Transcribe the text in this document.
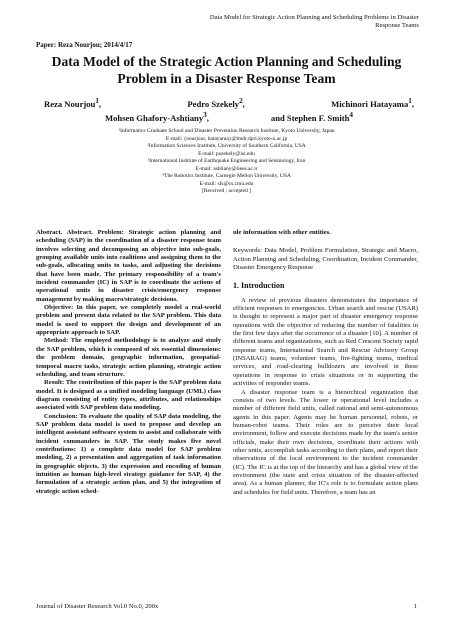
Data Model for Strategic Action Planning and Scheduling Problems in Disaster
Response Teams
Paper: Reza Nourjou; 2014/4/17
Data Model of the Strategic Action Planning and Scheduling
Problem in a Disaster Response Team
Reza Nourjou$^1$,	Pedro Szekely$^2$,	Michinori Hatayama$^1$,
Mohsen Ghafory-Ashtiany$^3$,	and Stephen F. Smith$^4$
¹Informatics Graduate School and Disaster Prevention Research Institute, Kyoto University, Japan
E-mail: {nourjour, hatayama}@imdr.dpri.kyoto-u.ac.jp
²Information Sciences Institute, University of Southern California, USA
E-mail: pszekely@isi.edu
³International Institute of Earthquake Engineering and Seismology, Iran
E-mail: ashtiany@iiees.ac.ir
⁴The Robotics Institute, Carnegie Mellon University, USA
E-mail: sfs@cs.cmu.edu
[Received ; accepted ]

Abstract. Abstract. Problem: Strategic action planning and scheduling (SAP) in the coordination of a disaster response team involves selecting and decomposing an objective into sub-goals, grouping available units into coalitions and assigning them to the sub-goals, allocating units to tasks, and adjusting the decisions that have been made. The primary responsibility of a team's incident commander (IC) in SAP is to coordinate the actions of operational units in disaster crisis/emergency response management by making macro/strategic decisions.

Objective: In this paper, we completely model a real-world problem and present data related to the SAP problem. This data model is used to support the design and development of an appropriate approach to SAP.

Method: The employed methodology is to analyze and study the SAP problem, which is composed of six essential dimensions: the problem domain, geographic information, geospatial-temporal macro tasks, strategic action planning, strategic action scheduling, and team structure.

Result: The contribution of this paper is the SAP problem data model. It is designed as a unified modeling language (UML) class diagram consisting of entity types, attributes, and relationships associated with SAP problem data modeling.

Conclusion: To evaluate the quality of SAP data modeling, the SAP problem data model is used to propose and develop an intelligent assistant software system to assist and collaborate with incident commanders in SAP. The study makes five novel contributions: 1) a complete data model for SAP problem modeling, 2) a presentation and aggregation of task information in geographic objects, 3) the expression and encoding of human intuition as human high-level strategy guidance for SAP, 4) the formulation of a strategic action plan, and 5) the integration of strategic action sched-

ule information with other entities.

Keywords: Data Model, Problem Formulation, Strategic and Macro, Action Planning and Scheduling, Coordination, Incident Commander, Disaster Emergency Response

1. Introduction

A review of previous disasters demonstrates the importance of efficient responses to emergencies. Urban search and rescue (USAR) is thought to represent a major part of disaster emergency response operations with the objective of reducing the number of fatalities in the first few days after the occurrence of a disaster [10]. A number of different teams and organizations, such as Red Crescent Society rapid response teams, International Search and Rescue Advisory Group (INSARAG) teams, volunteer teams, fire-fighting teams, medical services, and road-clearing bulldozers are involved in these operations in response to crisis situations or in supporting the activities of responder teams.

A disaster response team is a hierarchical organization that consists of two levels. The lower or operational level includes a number of different field units, called rational and semi-autonomous agents in this paper. Agents may be human personnel, robots, or human-robot teams. Their roles are to perceive their local environment, follow and execute decisions made by the team's senior officials, make their own decisions, coordinate their actions with other units, accomplish tasks according to their plans, and report their observations of the local environment to the incident commander (IC). The IC is at the top of the hierarchy and has a global view of the environment (the state and crisis situation of the disaster-affected area). As a human planner, the IC's role is to formulate action plans and schedules for field units. Therefore, a team has an

Journal of Disaster Research Vol.0 No.0, 200x	1
